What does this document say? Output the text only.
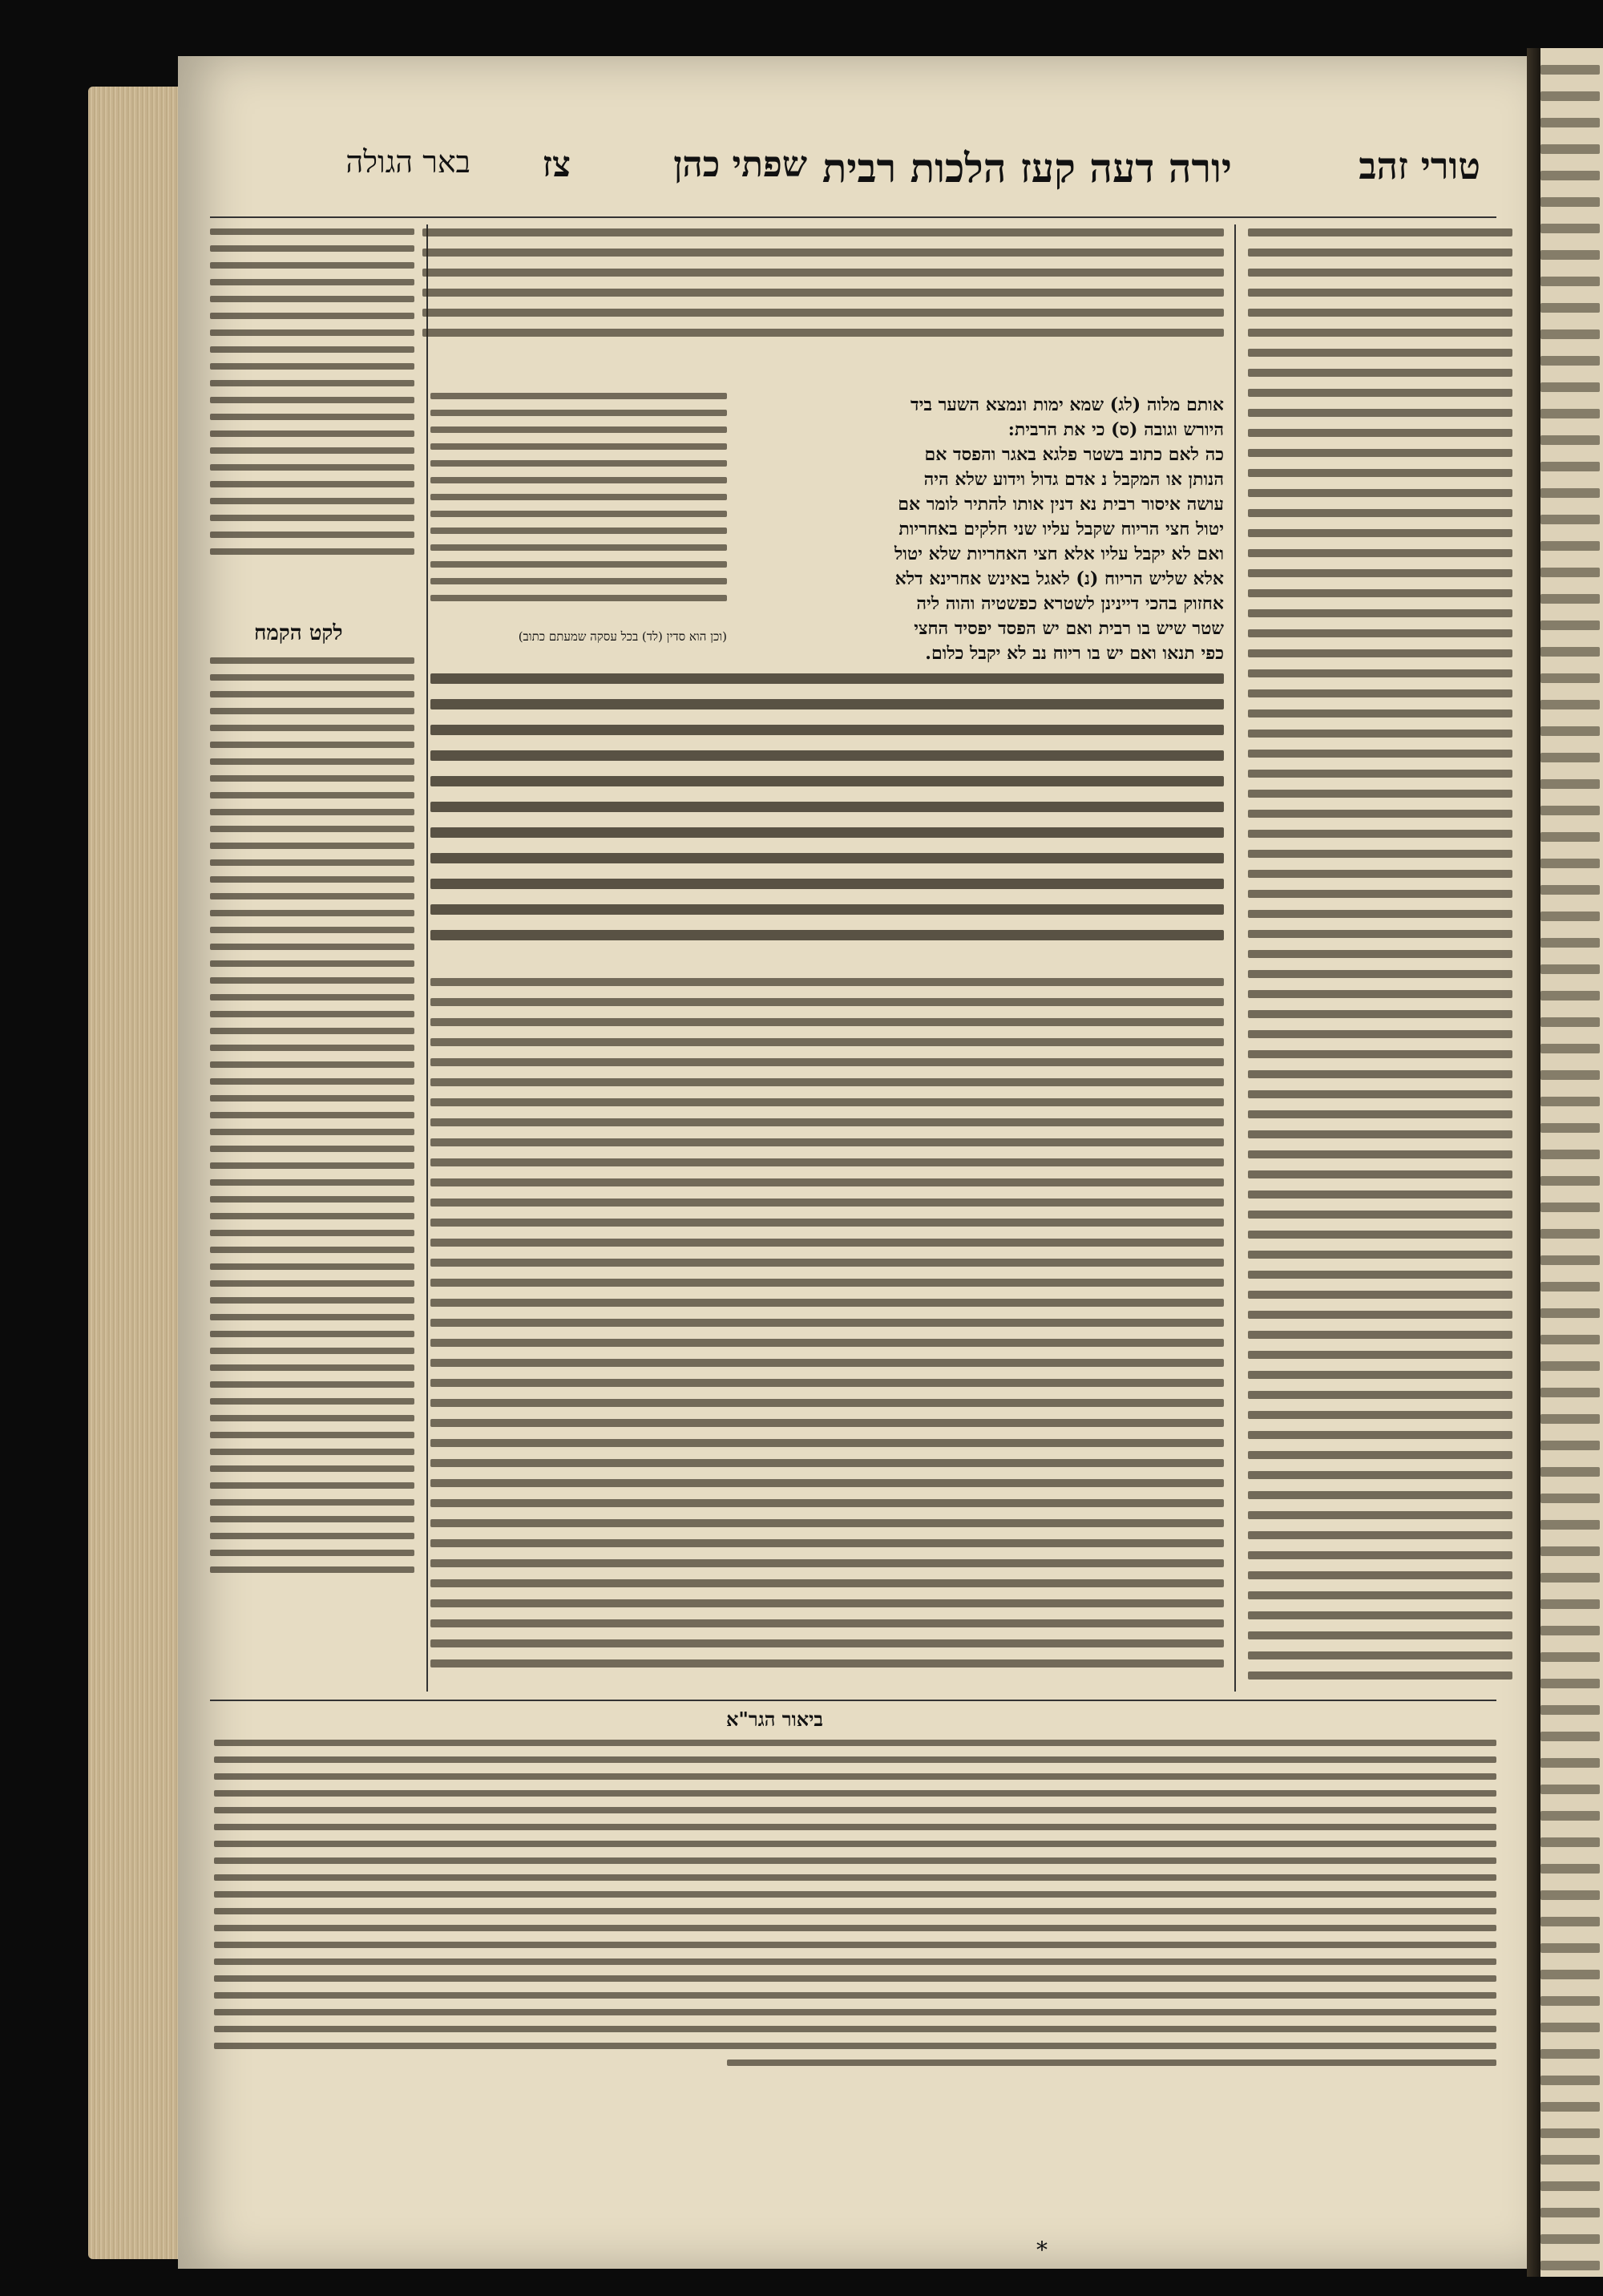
טורי זהב
יורה דעה קעז הלכות רבית
שפתי כהן
צז
באר הגולה
אותם מלוה (לג) שמא ימות ונמצא השער ביד
היורש וגובה (ס) כי את הרבית:
כה לאם כתוב בשטר פלגא באגר והפסד אם
הנותן או המקבל נ אדם גדול וידוע שלא היה
עושה איסור רבית נא דנין אותו להתיר לומר אם
יטול חצי הריוח שקבל עליו שני חלקים באחריות
ואם לא יקבל עליו אלא חצי האחריות שלא יטול
אלא שליש הריוח (נ) לאגל באינש אחרינא דלא
אחזוק בהכי דיינינן לשטרא כפשטיה והוה ליה
שטר שיש בו רבית ואם יש הפסד יפסיד החצי
כפי תנאו ואם יש בו ריוח נב לא יקבל כלום.
(וכן הוא סדין (לד) בכל עסקה שמעתם כתוב)
לקט הקמח
ביאור הגר"א
*
